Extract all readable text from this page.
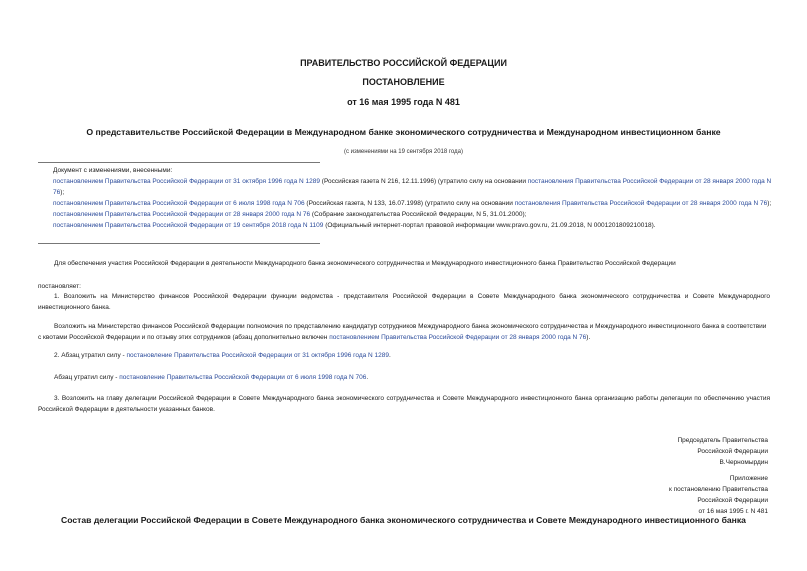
ПРАВИТЕЛЬСТВО РОССИЙСКОЙ ФЕДЕРАЦИИ
ПОСТАНОВЛЕНИЕ
от 16 мая 1995 года N 481
О представительстве Российской Федерации в Международном банке экономического сотрудничества и Международном инвестиционном банке
(с изменениями на 19 сентября 2018 года)
Документ с изменениями, внесенными:
постановлением Правительства Российской Федерации от 31 октября 1996 года N 1289 (Российская газета N 216, 12.11.1996) (утратило силу на основании постановления Правительства Российской Федерации от 28 января 2000 года N 76);
постановлением Правительства Российской Федерации от 6 июля 1998 года N 706 (Российская газета, N 133, 16.07.1998) (утратило силу на основании постановления Правительства Российской Федерации от 28 января 2000 года N 76);
постановлением Правительства Российской Федерации от 28 января 2000 года N 76 (Собрание законодательства Российской Федерации, N 5, 31.01.2000);
постановлением Правительства Российской Федерации от 19 сентября 2018 года N 1109 (Официальный интернет-портал правовой информации www.pravo.gov.ru, 21.09.2018, N 0001201809210018).
Для обеспечения участия Российской Федерации в деятельности Международного банка экономического сотрудничества и Международного инвестиционного банка Правительство Российской Федерации
постановляет:
1. Возложить на Министерство финансов Российской Федерации функции ведомства - представителя Российской Федерации в Совете Международного банка экономического сотрудничества и Совете Международного инвестиционного банка.
Возложить на Министерство финансов Российской Федерации полномочия по представлению кандидатур сотрудников Международного банка экономического сотрудничества и Международного инвестиционного банка в соответствии с квотами Российской Федерации и по отзыву этих сотрудников (абзац дополнительно включен постановлением Правительства Российской Федерации от 28 января 2000 года N 76).
2. Абзац утратил силу - постановление Правительства Российской Федерации от 31 октября 1996 года N 1289.
Абзац утратил силу - постановление Правительства Российской Федерации от 6 июля 1998 года N 706.
3. Возложить на главу делегации Российской Федерации в Совете Международного банка экономического сотрудничества и Совете Международного инвестиционного банка организацию работы делегации по обеспечению участия Российской Федерации в деятельности указанных банков.
Председатель Правительства
Российской Федерации
В.Черномырдин
Приложение
к постановлению Правительства
Российской Федерации
от 16 мая 1995 г. N 481
Состав делегации Российской Федерации в Совете Международного банка экономического сотрудничества и Совете Международного инвестиционного банка
